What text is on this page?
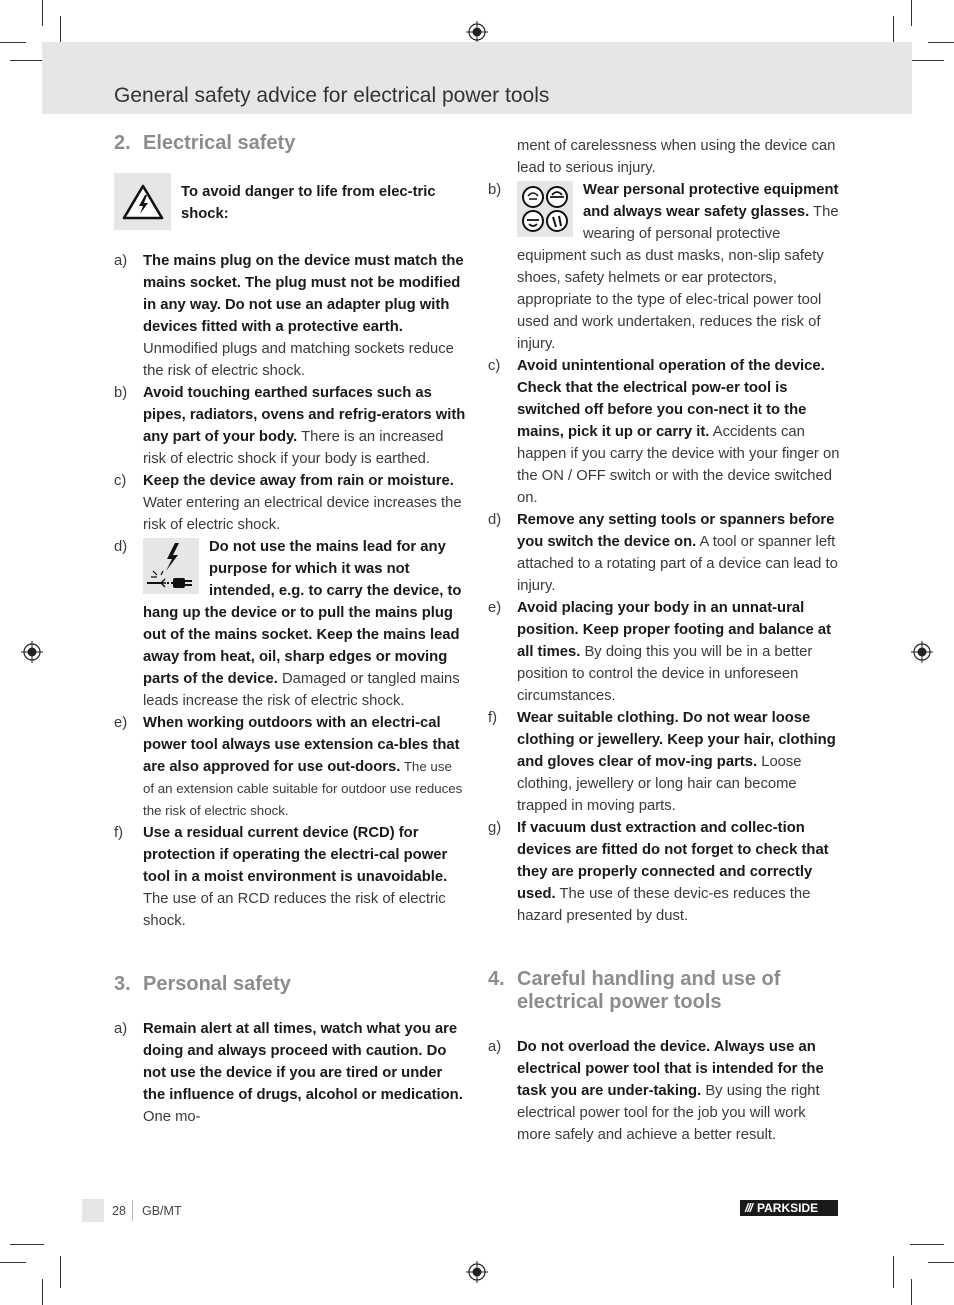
General safety advice for electrical power tools
2. Electrical safety
To avoid danger to life from elec-tric shock:
a)	The mains plug on the device must match the mains socket. The plug must not be modified in any way. Do not use an adapter plug with devices fitted with a protective earth. Unmodified plugs and matching sockets reduce the risk of electric shock.
b)	Avoid touching earthed surfaces such as pipes, radiators, ovens and refrig-erators with any part of your body. There is an increased risk of electric shock if your body is earthed.
c)	Keep the device away from rain or moisture. Water entering an electrical device increases the risk of electric shock.
d)	Do not use the mains lead for any purpose for which it was not intended, e.g. to carry the device, to hang up the device or to pull the mains plug out of the mains socket. Keep the mains lead away from heat, oil, sharp edges or moving parts of the device. Damaged or tangled mains leads increase the risk of electric shock.
e)	When working outdoors with an electri-cal power tool always use extension ca-bles that are also approved for use out-doors. The use of an extension cable suitable for outdoor use reduces the risk of electric shock.
f)	Use a residual current device (RCD) for protection if operating the electri-cal power tool in a moist environment is unavoidable. The use of an RCD reduces the risk of electric shock.
3. Personal safety
a)	Remain alert at all times, watch what you are doing and always proceed with caution. Do not use the device if you are tired or under the influence of drugs, alcohol or medication. One mo-
ment of carelessness when using the device can lead to serious injury.
b)	Wear personal protective equipment and always wear safety glasses. The wearing of personal protective equipment such as dust masks, non-slip safety shoes, safety helmets or ear protectors, appropriate to the type of elec-trical power tool used and work undertaken, reduces the risk of injury.
c)	Avoid unintentional operation of the device. Check that the electrical pow-er tool is switched off before you con-nect it to the mains, pick it up or carry it. Accidents can happen if you carry the device with your finger on the ON / OFF switch or with the device switched on.
d)	Remove any setting tools or spanners before you switch the device on. A tool or spanner left attached to a rotating part of a device can lead to injury.
e)	Avoid placing your body in an unnat-ural position. Keep proper footing and balance at all times. By doing this you will be in a better position to control the device in unforeseen circumstances.
f)	Wear suitable clothing. Do not wear loose clothing or jewellery. Keep your hair, clothing and gloves clear of mov-ing parts. Loose clothing, jewellery or long hair can become trapped in moving parts.
g)	If vacuum dust extraction and collec-tion devices are fitted do not forget to check that they are properly connected and correctly used. The use of these devic-es reduces the hazard presented by dust.
4. Careful handling and use of electrical power tools
a)	Do not overload the device. Always use an electrical power tool that is intended for the task you are under-taking. By using the right electrical power tool for the job you will work more safely and achieve a better result.
28 GB/MT	/// PARKSIDE
